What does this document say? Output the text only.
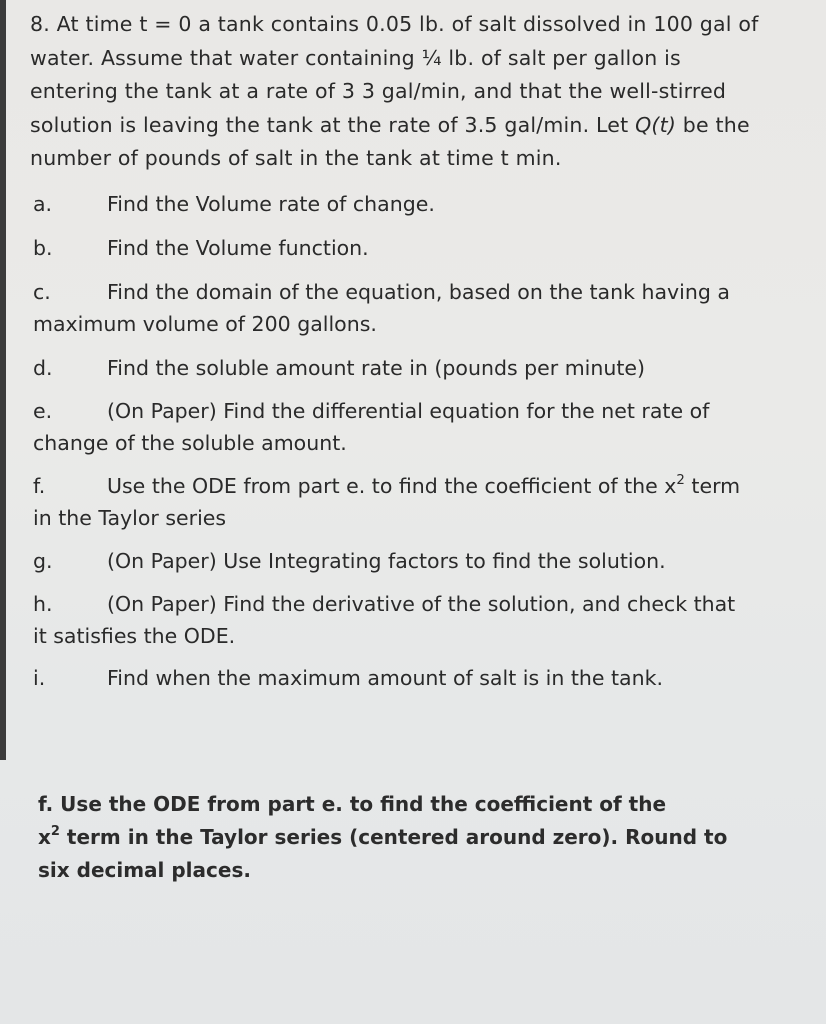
8. At time t = 0 a tank contains 0.05 lb. of salt dissolved in 100 gal of
water. Assume that water containing ¼ lb. of salt per gallon is
entering the tank at a rate of 3 3 gal/min, and that the well-stirred
solution is leaving the tank at the rate of 3.5 gal/min. Let Q(t) be the
number of pounds of salt in the tank at time t min.
a.	Find the Volume rate of change.
b.	Find the Volume function.
c.	Find the domain of the equation, based on the tank having a
maximum volume of 200 gallons.
d.	Find the soluble amount rate in (pounds per minute)
e.	(On Paper) Find the differential equation for the net rate of
change of the soluble amount.
f.	Use the ODE from part e. to find the coefficient of the $x^2$ term
in the Taylor series
g.	(On Paper) Use Integrating factors to find the solution.
h.	(On Paper) Find the derivative of the solution, and check that
it satisfies the ODE.
i.	Find when the maximum amount of salt is in the tank.
f. Use the ODE from part e. to find the coefficient of the
$x^2$ term in the Taylor series (centered around zero). Round to
six decimal places.
